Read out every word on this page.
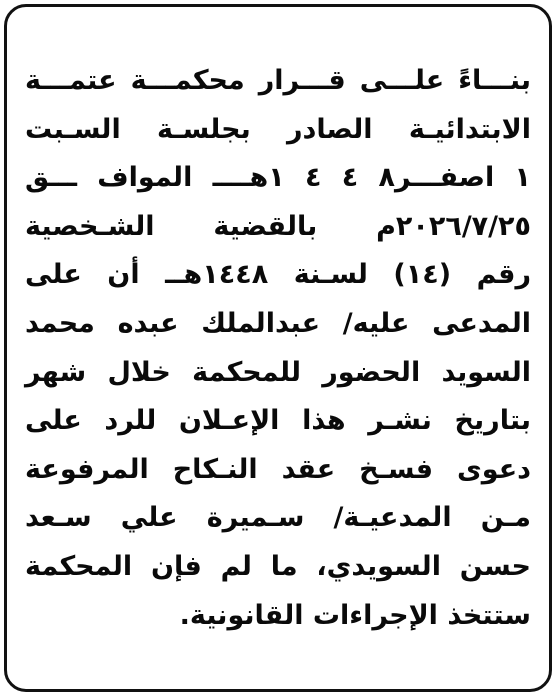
بنـــاءً علـــى قـــرار محكمـــة عتمـــة
الابتدائيـة الصادر بجلسـة السـبت
١ اصفـــر٨ ٤ ٤ ١هــــ المواف ـــق
٢٠٢٦/٧/٢٥م بالقضية الشـخصية
رقم (١٤) لسـنة ١٤٤٨هــ أن على
المدعى عليه/ عبدالملك عبده محمد
السويد الحضور للمحكمة خلال شهر
بتاريخ نشـر هذا الإعـلان للرد على
دعوى فسـخ عقد النـكاح المرفوعة
مـن المدعيـة/ سـميرة علي سـعد
حسن السويدي، ما لم فإن المحكمة
ستتخذ الإجراءات القانونية.
